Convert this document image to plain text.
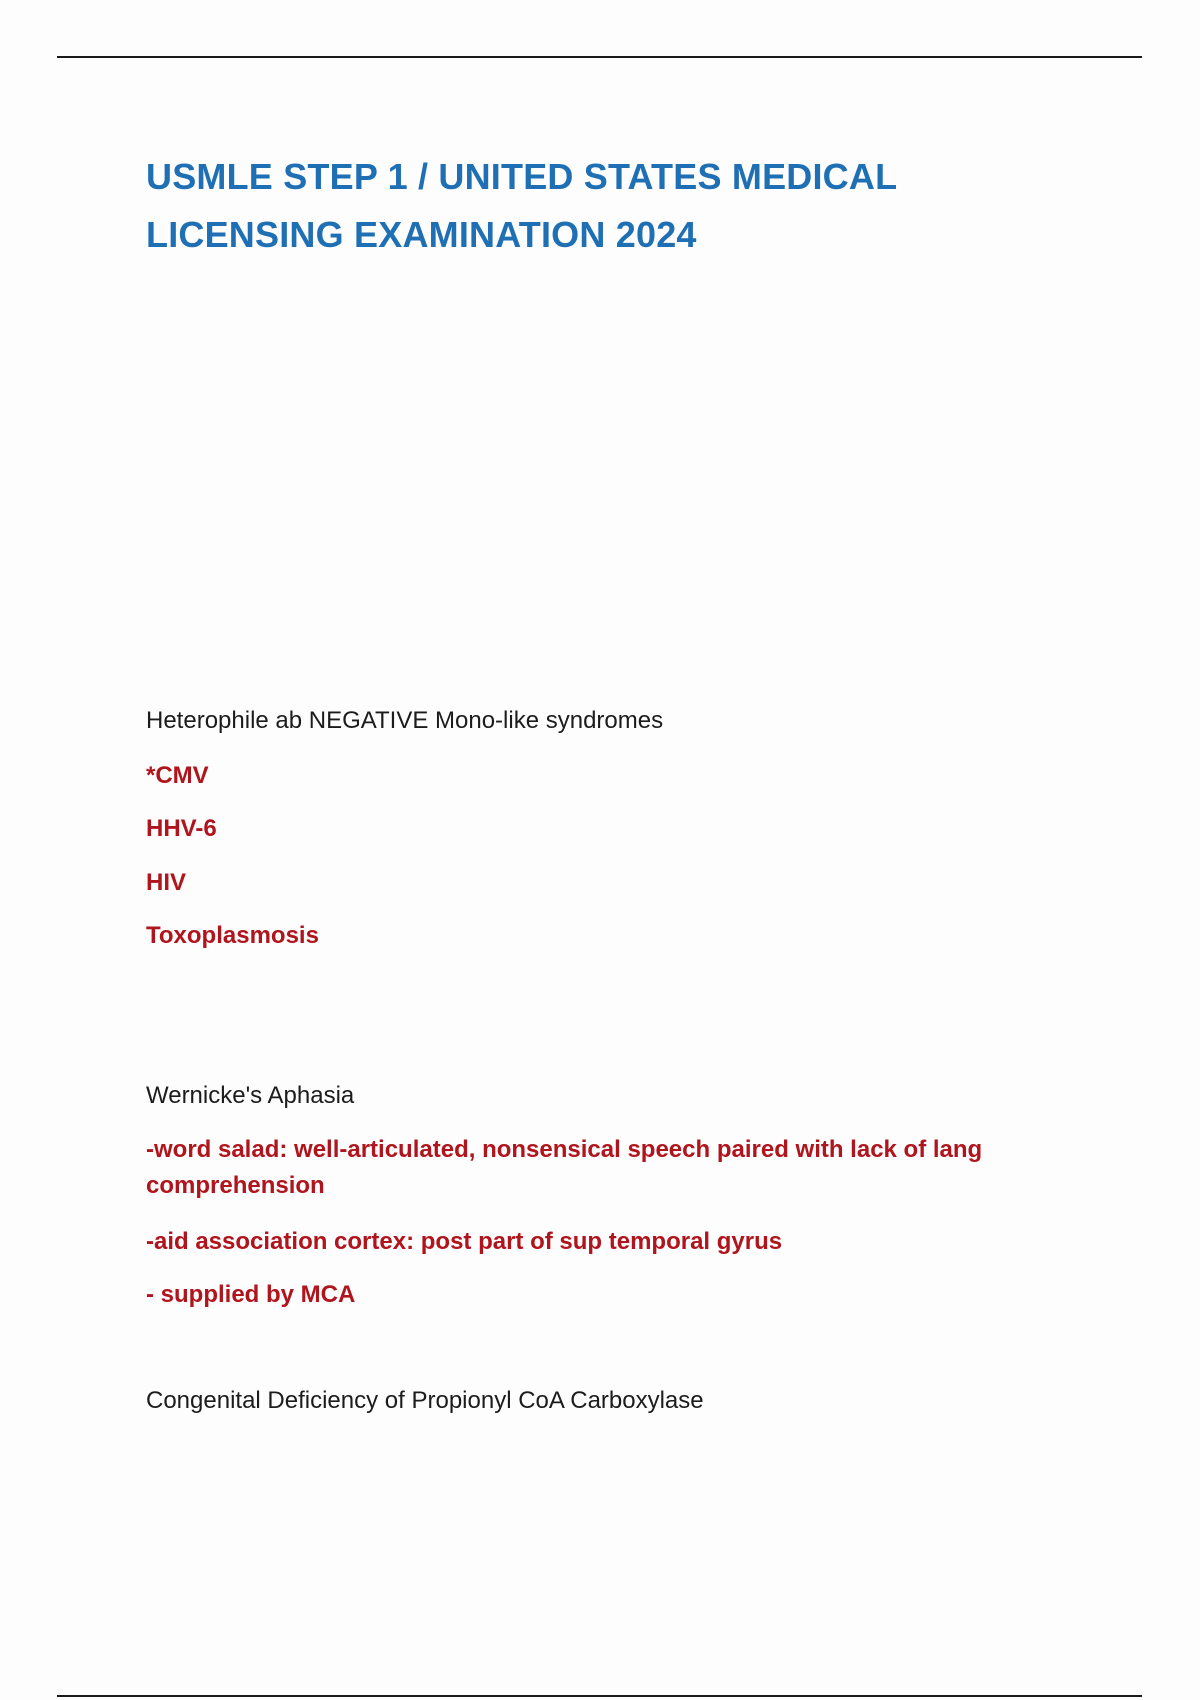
USMLE STEP 1 / UNITED STATES MEDICAL LICENSING EXAMINATION 2024

Heterophile ab NEGATIVE Mono-like syndromes

*CMV

HHV-6

HIV

Toxoplasmosis

Wernicke's Aphasia

-word salad: well-articulated, nonsensical speech paired with lack of lang comprehension

-aid association cortex: post part of sup temporal gyrus

- supplied by MCA

Congenital Deficiency of Propionyl CoA Carboxylase
